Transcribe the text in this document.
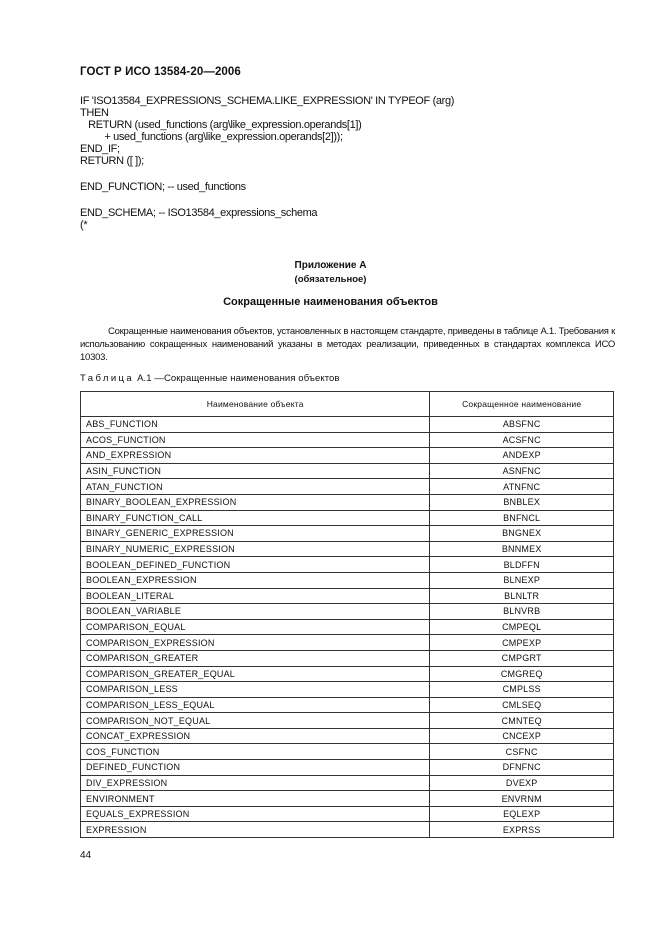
ГОСТ Р ИСО 13584-20—2006
IF 'ISO13584_EXPRESSIONS_SCHEMA.LIKE_EXPRESSION' IN TYPEOF (arg)
THEN
RETURN (used_functions (arg\like_expression.operands[1])
+ used_functions (arg\like_expression.operands[2]));
END_IF;
RETURN ([ ]);
END_FUNCTION; -- used_functions
END_SCHEMA; -- ISO13584_expressions_schema
(*
Приложение А
(обязательное)
Сокращенные наименования объектов

Сокращенные наименования объектов, установленных в настоящем стандарте, приведены в таблице А.1. Требования к использованию сокращенных наименований указаны в методах реализации, приведенных в стандартах комплекса ИСО 10303.

Таблица А.1 —Сокращенные наименования объектов
Наименование объекта	Сокращенное наименование
ABS_FUNCTION	ABSFNC
ACOS_FUNCTION	ACSFNC
AND_EXPRESSION	ANDEXP
ASIN_FUNCTION	ASNFNC
ATAN_FUNCTION	ATNFNC
BINARY_BOOLEAN_EXPRESSION	BNBLEX
BINARY_FUNCTION_CALL	BNFNCL
BINARY_GENERIC_EXPRESSION	BNGNEX
BINARY_NUMERIC_EXPRESSION	BNNMEX
BOOLEAN_DEFINED_FUNCTION	BLDFFN
BOOLEAN_EXPRESSION	BLNEXP
BOOLEAN_LITERAL	BLNLTR
BOOLEAN_VARIABLE	BLNVRB
COMPARISON_EQUAL	CMPEQL
COMPARISON_EXPRESSION	CMPEXP
COMPARISON_GREATER	CMPGRT
COMPARISON_GREATER_EQUAL	CMGREQ
COMPARISON_LESS	CMPLSS
COMPARISON_LESS_EQUAL	CMLSEQ
COMPARISON_NOT_EQUAL	CMNTEQ
CONCAT_EXPRESSION	CNCEXP
COS_FUNCTION	CSFNC
DEFINED_FUNCTION	DFNFNC
DIV_EXPRESSION	DVEXP
ENVIRONMENT	ENVRNM
EQUALS_EXPRESSION	EQLEXP
EXPRESSION	EXPRSS
44
